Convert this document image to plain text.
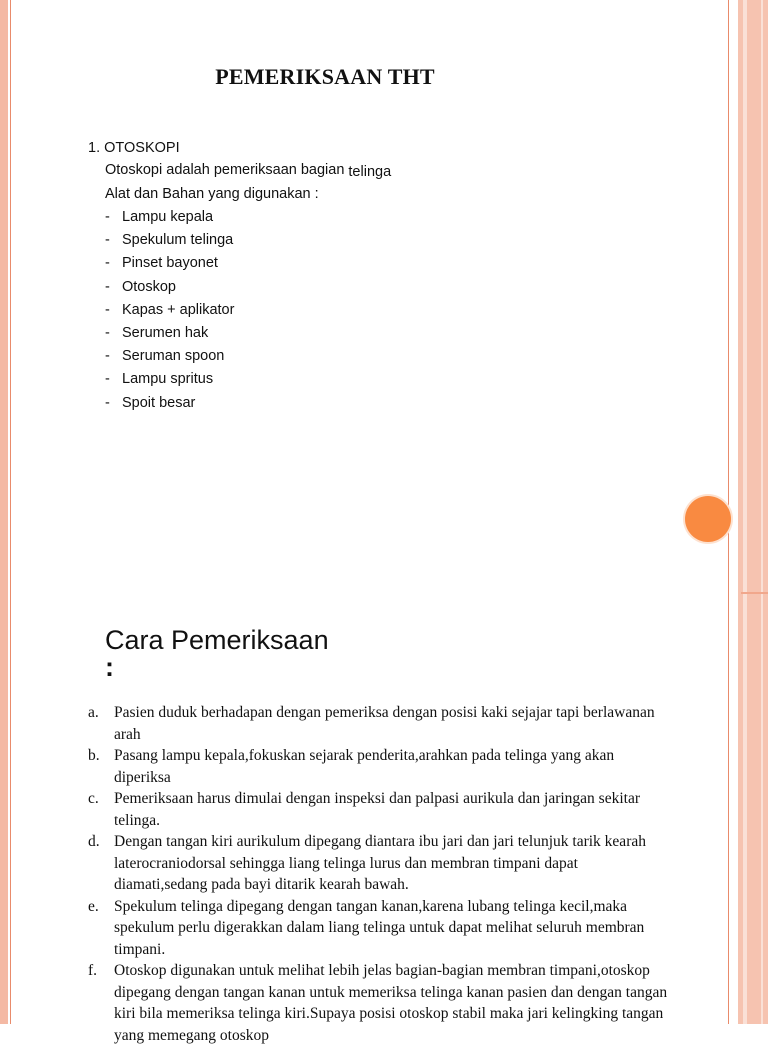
PEMERIKSAAN THT
1. OTOSKOPI
Otoskopi adalah pemeriksaan bagian telinga
Alat dan Bahan yang digunakan :
- Lampu kepala
- Spekulum telinga
- Pinset bayonet
- Otoskop
- Kapas + aplikator
- Serumen hak
- Seruman spoon
- Lampu spritus
- Spoit besar
Cara Pemeriksaan
:
a. Pasien duduk berhadapan dengan pemeriksa dengan posisi kaki sejajar tapi berlawanan arah
b. Pasang lampu kepala,fokuskan sejarak penderita,arahkan pada telinga yang akan diperiksa
c. Pemeriksaan harus dimulai dengan inspeksi dan palpasi aurikula dan jaringan sekitar telinga.
d. Dengan tangan kiri aurikulum dipegang diantara ibu jari dan jari telunjuk tarik kearah laterocraniodorsal sehingga liang telinga lurus dan membran timpani dapat diamati,sedang pada bayi ditarik kearah bawah.
e. Spekulum telinga dipegang dengan tangan kanan,karena lubang telinga kecil,maka spekulum perlu digerakkan dalam liang telinga untuk dapat melihat seluruh membran timpani.
f.	Otoskop digunakan untuk melihat lebih jelas bagian-bagian membran timpani,otoskop dipegang dengan tangan kanan untuk memeriksa telinga kanan pasien dan dengan tangan kiri bila memeriksa telinga kiri.Supaya posisi otoskop stabil maka jari kelingking tangan yang memegang otoskop
